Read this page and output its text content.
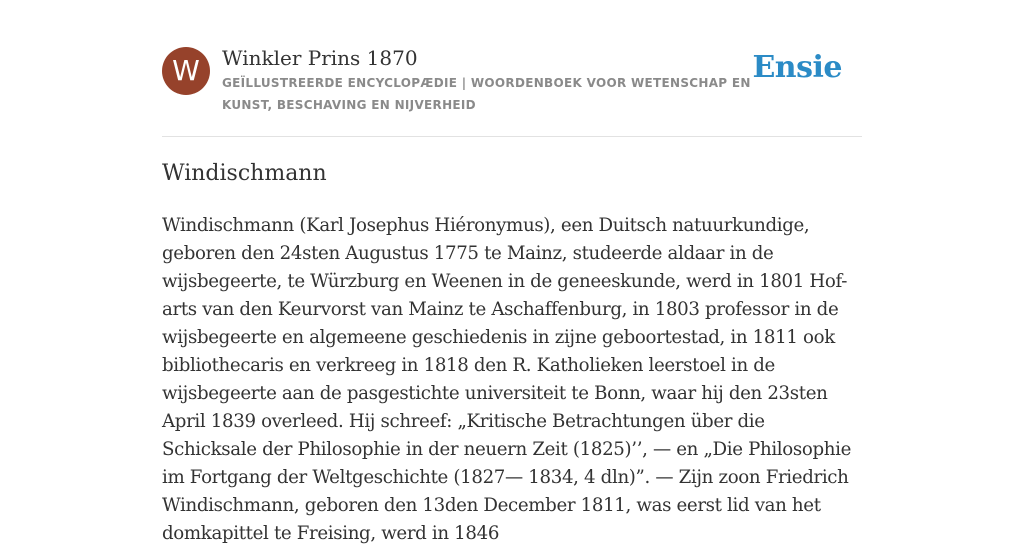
W	Winkler Prins 1870
GEÏLLUSTREERDE ENCYCLOPÆDIE | WOORDENBOEK VOOR WETENSCHAP EN KUNST, BESCHAVING EN NIJVERHEID
Ensie
Windischmann

Windischmann (Karl Josephus Hiéronymus), een Duitsch natuurkundige, geboren den 24sten Augustus 1775 te Mainz, studeerde aldaar in de wijsbegeerte, te Würzburg en Weenen in de geneeskunde, werd in 1801 Hof-arts van den Keurvorst van Mainz te Aschaffenburg, in 1803 professor in de wijsbegeerte en algemeene geschiedenis in zijne geboortestad, in 1811 ook bibliothecaris en verkreeg in 1818 den R. Katholieken leerstoel in de wijsbegeerte aan de pasgestichte universiteit te Bonn, waar hij den 23sten April 1839 overleed. Hij schreef: „Kritische Betrachtungen über die Schicksale der Philosophie in der neuern Zeit (1825)’’, — en „Die Philosophie im Fortgang der Weltgeschichte (1827— 1834, 4 dln)”. — Zijn zoon Friedrich Windischmann, geboren den 13den December 1811, was eerst lid van het domkapittel te Freising, werd in 1846
